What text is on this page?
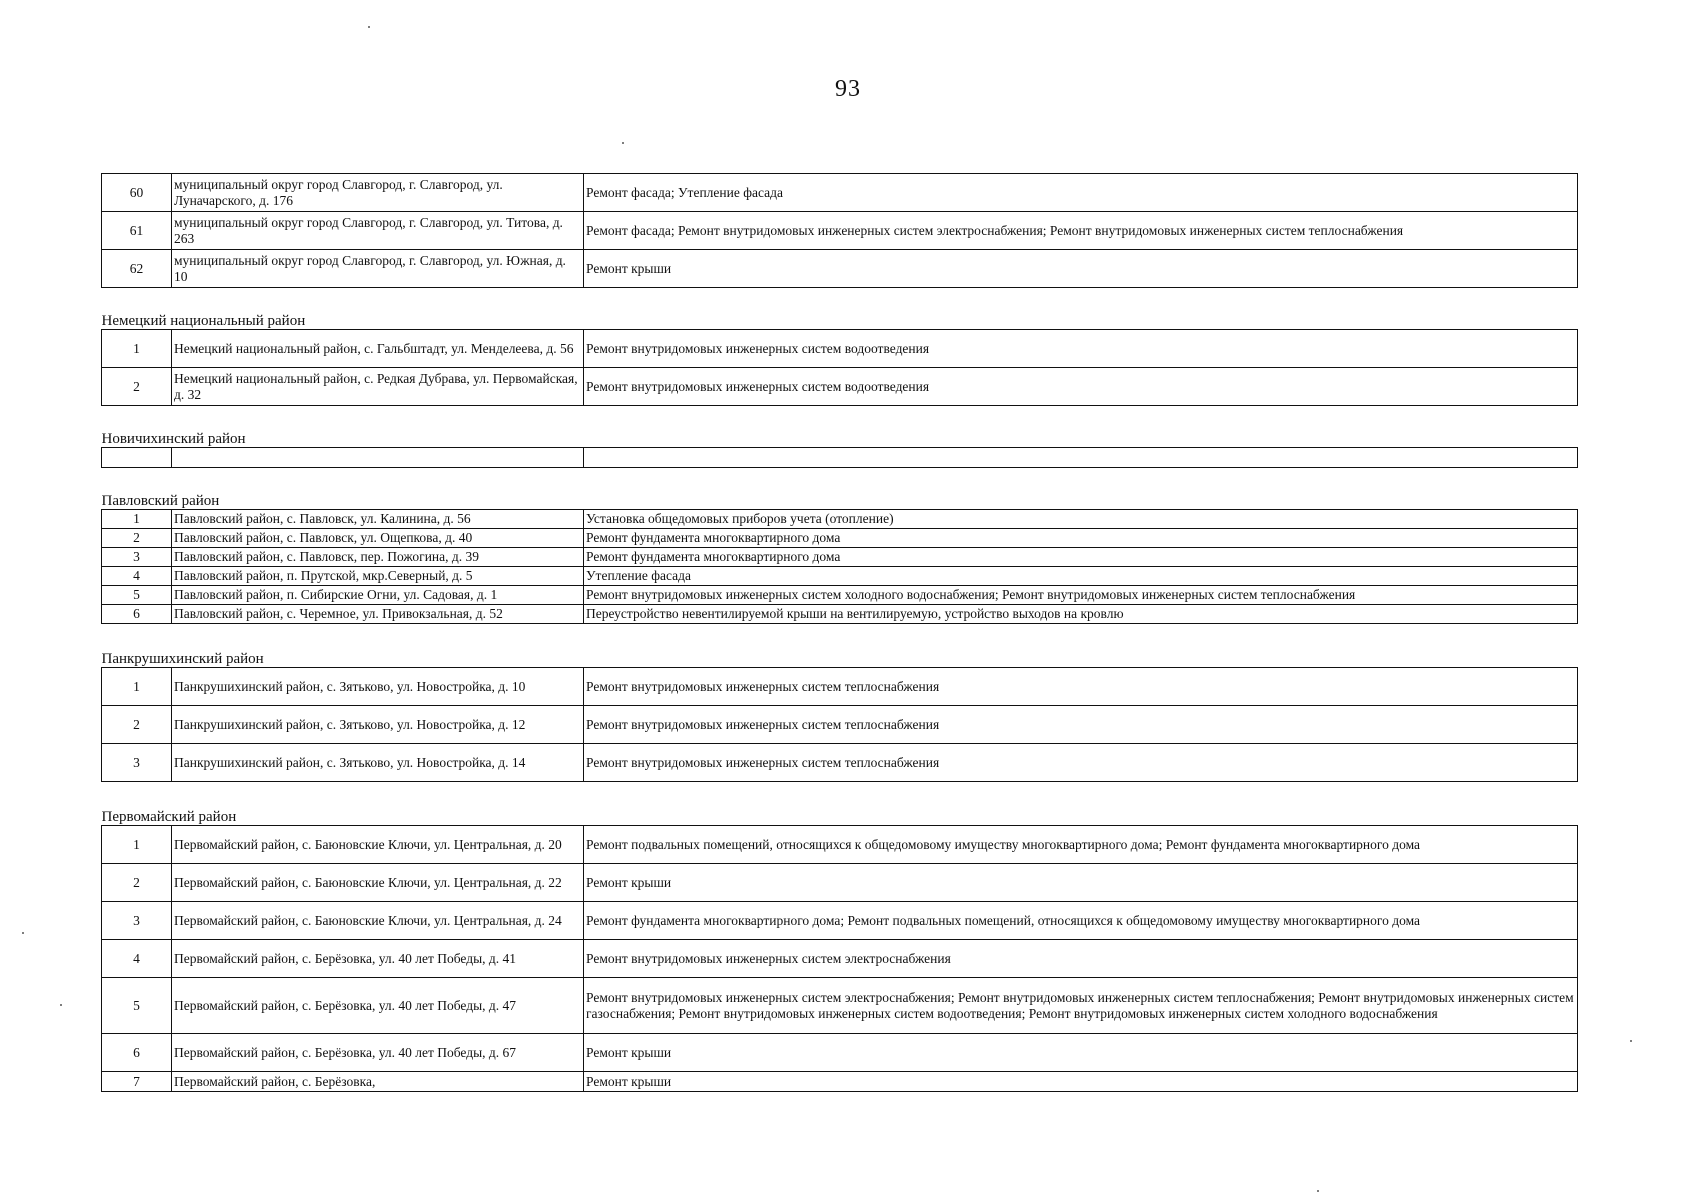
93
60	муниципальный округ город Славгород, г. Славгород, ул. Луначарского, д. 176	Ремонт фасада; Утепление фасада
61	муниципальный округ город Славгород, г. Славгород, ул. Титова, д. 263	Ремонт фасада; Ремонт внутридомовых инженерных систем электроснабжения; Ремонт внутридомовых инженерных систем теплоснабжения
62	муниципальный округ город Славгород, г. Славгород, ул. Южная, д. 10	Ремонт крыши
Немецкий национальный район		
1	Немецкий национальный район, с. Гальбштадт, ул. Менделеева, д. 56	Ремонт внутридомовых инженерных систем водоотведения
2	Немецкий национальный район, с. Редкая Дубрава, ул. Первомайская, д. 32	Ремонт внутридомовых инженерных систем водоотведения
Новичихинский район		

Павловский район		
1	Павловский район, с. Павловск, ул. Калинина, д. 56	Установка общедомовых приборов учета (отопление)
2	Павловский район, с. Павловск, ул. Ощепкова, д. 40	Ремонт фундамента многоквартирного дома
3	Павловский район, с. Павловск, пер. Пожогина, д. 39	Ремонт фундамента многоквартирного дома
4	Павловский район, п. Прутской, мкр.Северный, д. 5	Утепление фасада
5	Павловский район, п. Сибирские Огни, ул. Садовая, д. 1	Ремонт внутридомовых инженерных систем холодного водоснабжения; Ремонт внутридомовых инженерных систем теплоснабжения
6	Павловский район, с. Черемное, ул. Привокзальная, д. 52	Переустройство невентилируемой крыши на вентилируемую, устройство выходов на кровлю
Панкрушихинский район		
1	Панкрушихинский район, с. Зятьково, ул. Новостройка, д. 10	Ремонт внутридомовых инженерных систем теплоснабжения
2	Панкрушихинский район, с. Зятьково, ул. Новостройка, д. 12	Ремонт внутридомовых инженерных систем теплоснабжения
3	Панкрушихинский район, с. Зятьково, ул. Новостройка, д. 14	Ремонт внутридомовых инженерных систем теплоснабжения
Первомайский район		
1	Первомайский район, с. Баюновские Ключи, ул. Центральная, д. 20	Ремонт подвальных помещений, относящихся к общедомовому имуществу многоквартирного дома; Ремонт фундамента многоквартирного дома
2	Первомайский район, с. Баюновские Ключи, ул. Центральная, д. 22	Ремонт крыши
3	Первомайский район, с. Баюновские Ключи, ул. Центральная, д. 24	Ремонт фундамента многоквартирного дома; Ремонт подвальных помещений, относящихся к общедомовому имуществу многоквартирного дома
4	Первомайский район, с. Берёзовка, ул. 40 лет Победы, д. 41	Ремонт внутридомовых инженерных систем электроснабжения
5	Первомайский район, с. Берёзовка, ул. 40 лет Победы, д. 47	Ремонт внутридомовых инженерных систем электроснабжения; Ремонт внутридомовых инженерных систем теплоснабжения; Ремонт внутридомовых инженерных систем газоснабжения; Ремонт внутридомовых инженерных систем водоотведения; Ремонт внутридомовых инженерных систем холодного водоснабжения
6	Первомайский район, с. Берёзовка, ул. 40 лет Победы, д. 67	Ремонт крыши
7	Первомайский район, с. Берёзовка,	Ремонт крыши
